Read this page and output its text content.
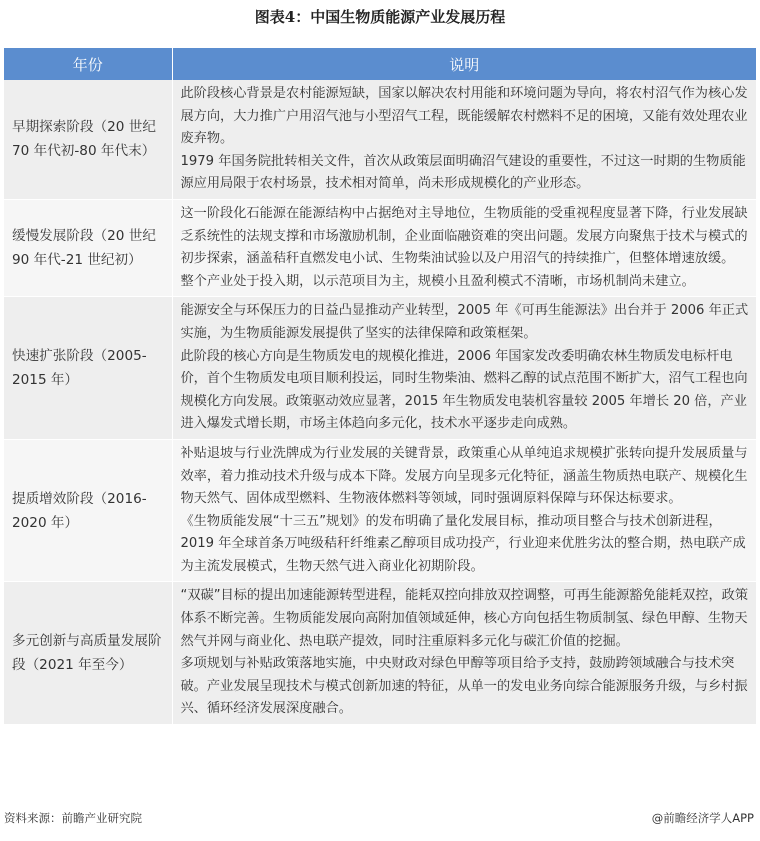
图表4：中国生物质能源产业发展历程
年份	说明
早期探索阶段（20 世纪 70 年代初-80 年代末）	此阶段核心背景是农村能源短缺，国家以解决农村用能和环境问题为导向，将农村沼气作为核心发展方向，大力推广户用沼气池与小型沼气工程，既能缓解农村燃料不足的困境，又能有效处理农业废弃物。

1979 年国务院批转相关文件，首次从政策层面明确沼气建设的重要性，不过这一时期的生物质能源应用局限于农村场景，技术相对简单，尚未形成规模化的产业形态。

缓慢发展阶段（20 世纪 90 年代-21 世纪初）	这一阶段化石能源在能源结构中占据绝对主导地位，生物质能的受重视程度显著下降，行业发展缺乏系统性的法规支撑和市场激励机制，企业面临融资难的突出问题。发展方向聚焦于技术与模式的初步探索，涵盖秸秆直燃发电小试、生物柴油试验以及户用沼气的持续推广，但整体增速放缓。

整个产业处于投入期，以示范项目为主，规模小且盈利模式不清晰，市场机制尚未建立。

快速扩张阶段（2005-2015 年）	能源安全与环保压力的日益凸显推动产业转型，2005 年《可再生能源法》出台并于 2006 年正式实施，为生物质能源发展提供了坚实的法律保障和政策框架。

此阶段的核心方向是生物质发电的规模化推进，2006 年国家发改委明确农林生物质发电标杆电价，首个生物质发电项目顺利投运，同时生物柴油、燃料乙醇的试点范围不断扩大，沼气工程也向规模化方向发展。政策驱动效应显著，2015 年生物质发电装机容量较 2005 年增长 20 倍，产业进入爆发式增长期，市场主体趋向多元化，技术水平逐步走向成熟。

提质增效阶段（2016-2020 年）	补贴退坡与行业洗牌成为行业发展的关键背景，政策重心从单纯追求规模扩张转向提升发展质量与效率，着力推动技术升级与成本下降。发展方向呈现多元化特征，涵盖生物质热电联产、规模化生物天然气、固体成型燃料、生物液体燃料等领域，同时强调原料保障与环保达标要求。

《生物质能发展“十三五”规划》的发布明确了量化发展目标，推动项目整合与技术创新进程，2019 年全球首条万吨级秸秆纤维素乙醇项目成功投产，行业迎来优胜劣汰的整合期，热电联产成为主流发展模式，生物天然气进入商业化初期阶段。

多元创新与高质量发展阶段（2021 年至今）	“双碳”目标的提出加速能源转型进程，能耗双控向排放双控调整，可再生能源豁免能耗双控，政策体系不断完善。生物质能发展向高附加值领域延伸，核心方向包括生物质制氢、绿色甲醇、生物天然气并网与商业化、热电联产提效，同时注重原料多元化与碳汇价值的挖掘。

多项规划与补贴政策落地实施，中央财政对绿色甲醇等项目给予支持，鼓励跨领域融合与技术突破。产业发展呈现技术与模式创新加速的特征，从单一的发电业务向综合能源服务升级，与乡村振兴、循环经济发展深度融合。

资料来源：前瞻产业研究院	@前瞻经济学人APP
